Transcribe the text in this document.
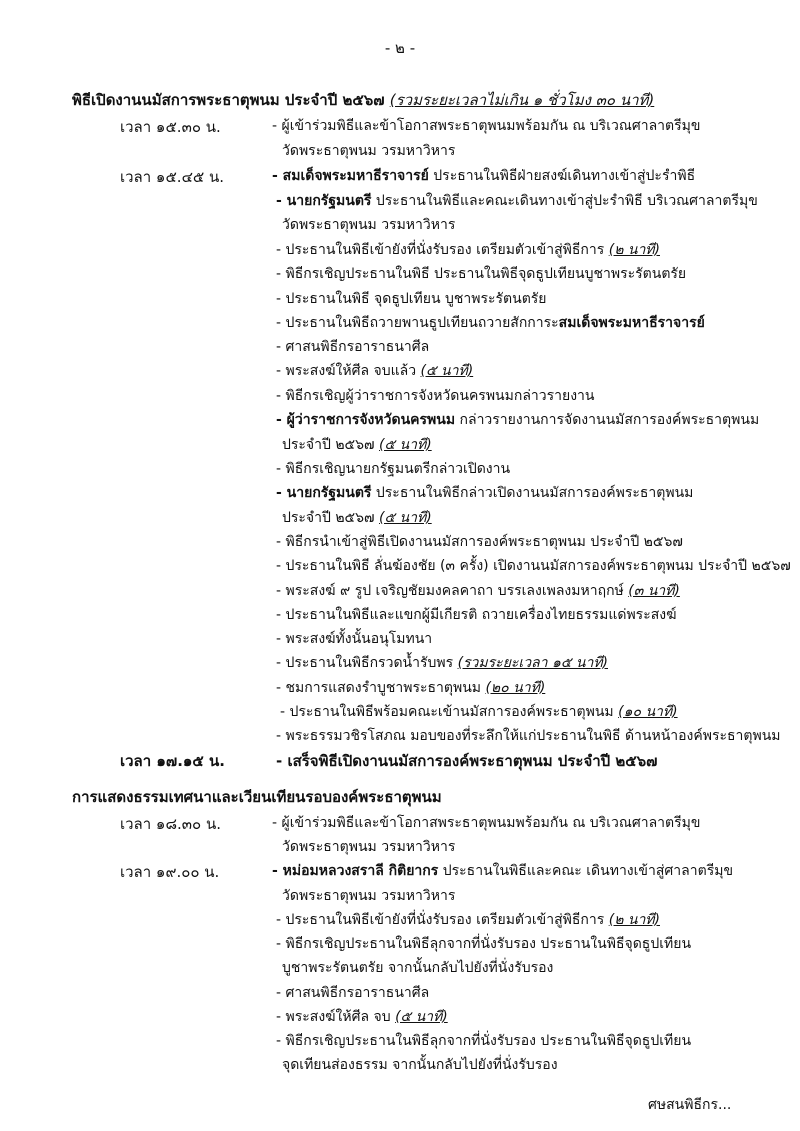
- ๒ -
พิธีเปิดงานนมัสการพระธาตุพนม ประจำปี ๒๕๖๗ (รวมระยะเวลาไม่เกิน ๑ ชั่วโมง ๓๐ นาที)
เวลา ๑๕.๓๐ น.	- ผู้เข้าร่วมพิธีและข้าโอกาสพระธาตุพนมพร้อมกัน ณ บริเวณศาลาตรีมุข
วัดพระธาตุพนม วรมหาวิหาร
เวลา ๑๕.๔๕ น.	- สมเด็จพระมหาธีราจารย์ ประธานในพิธีฝ่ายสงฆ์เดินทางเข้าสู่ปะรำพิธี
- นายกรัฐมนตรี ประธานในพิธีและคณะเดินทางเข้าสู่ปะรำพิธี บริเวณศาลาตรีมุข
วัดพระธาตุพนม วรมหาวิหาร
- ประธานในพิธีเข้ายังที่นั่งรับรอง เตรียมตัวเข้าสู่พิธีการ (๒ นาที)
- พิธีกรเชิญประธานในพิธี ประธานในพิธีจุดธูปเทียนบูชาพระรัตนตรัย
- ประธานในพิธี จุดธูปเทียน บูชาพระรัตนตรัย
- ประธานในพิธีถวายพานธูปเทียนถวายสักการะสมเด็จพระมหาธีราจารย์
- ศาสนพิธีกรอาราธนาศีล
- พระสงฆ์ให้ศีล จบแล้ว (๕ นาที)
- พิธีกรเชิญผู้ว่าราชการจังหวัดนครพนมกล่าวรายงาน
- ผู้ว่าราชการจังหวัดนครพนม กล่าวรายงานการจัดงานนมัสการองค์พระธาตุพนม
ประจำปี ๒๕๖๗ (๕ นาที)
- พิธีกรเชิญนายกรัฐมนตรีกล่าวเปิดงาน
- นายกรัฐมนตรี ประธานในพิธีกล่าวเปิดงานนมัสการองค์พระธาตุพนม
ประจำปี ๒๕๖๗ (๕ นาที)
- พิธีกรนำเข้าสู่พิธีเปิดงานนมัสการองค์พระธาตุพนม ประจำปี ๒๕๖๗
- ประธานในพิธี ลั่นฆ้องชัย (๓ ครั้ง) เปิดงานนมัสการองค์พระธาตุพนม ประจำปี ๒๕๖๗
- พระสงฆ์ ๙ รูป เจริญชัยมงคลคาถา บรรเลงเพลงมหาฤกษ์ (๓ นาที)
- ประธานในพิธีและแขกผู้มีเกียรติ ถวายเครื่องไทยธรรมแด่พระสงฆ์
- พระสงฆ์ทั้งนั้นอนุโมทนา
- ประธานในพิธีกรวดน้ำรับพร (รวมระยะเวลา ๑๕ นาที)
- ชมการแสดงรำบูชาพระธาตุพนม (๒๐ นาที)
- ประธานในพิธีพร้อมคณะเข้านมัสการองค์พระธาตุพนม (๑๐ นาที)
- พระธรรมวชิรโสภณ มอบของที่ระลึกให้แก่ประธานในพิธี ด้านหน้าองค์พระธาตุพนม
เวลา ๑๗.๑๕ น.	- เสร็จพิธีเปิดงานนมัสการองค์พระธาตุพนม ประจำปี ๒๕๖๗
การแสดงธรรมเทศนาและเวียนเทียนรอบองค์พระธาตุพนม
เวลา ๑๘.๓๐ น.	- ผู้เข้าร่วมพิธีและข้าโอกาสพระธาตุพนมพร้อมกัน ณ บริเวณศาลาตรีมุข
วัดพระธาตุพนม วรมหาวิหาร
เวลา ๑๙.๐๐ น.	- หม่อมหลวงสราลี กิติยากร ประธานในพิธีและคณะ เดินทางเข้าสู่ศาลาตรีมุข
วัดพระธาตุพนม วรมหาวิหาร
- ประธานในพิธีเข้ายังที่นั่งรับรอง เตรียมตัวเข้าสู่พิธีการ (๒ นาที)
- พิธีกรเชิญประธานในพิธีลุกจากที่นั่งรับรอง ประธานในพิธีจุดธูปเทียน
บูชาพระรัตนตรัย จากนั้นกลับไปยังที่นั่งรับรอง
- ศาสนพิธีกรอาราธนาศีล
- พระสงฆ์ให้ศีล จบ (๕ นาที)
- พิธีกรเชิญประธานในพิธีลุกจากที่นั่งรับรอง ประธานในพิธีจุดธูปเทียน
จุดเทียนส่องธรรม จากนั้นกลับไปยังที่นั่งรับรอง
ศษสนพิธีกร...
